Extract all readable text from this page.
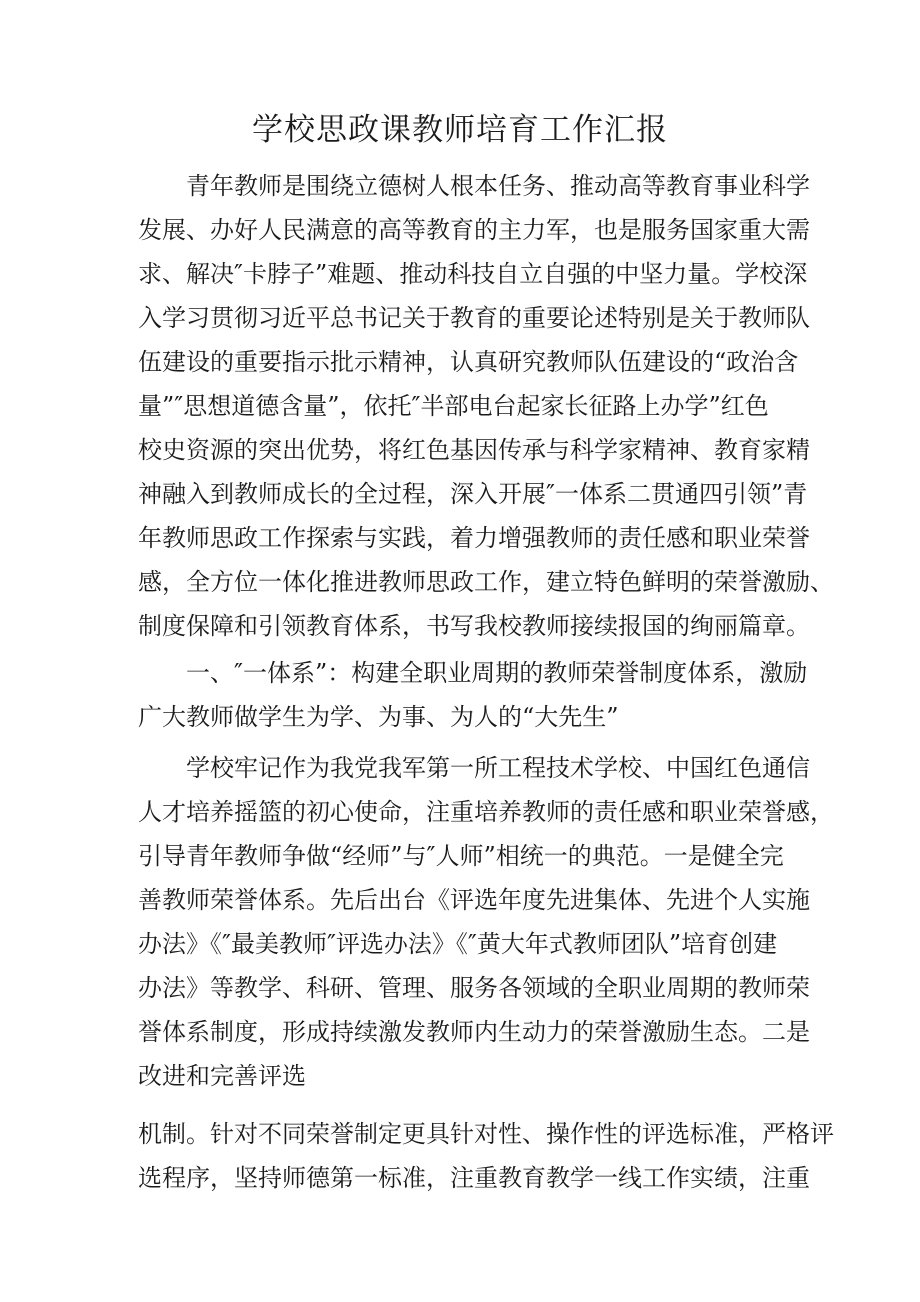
学校思政课教师培育工作汇报
青年教师是围绕立德树人根本任务、推动高等教育事业科学
发展、办好人民满意的高等教育的主力军，也是服务国家重大需
求、解决″卡脖子”难题、推动科技自立自强的中坚力量。学校深
入学习贯彻习近平总书记关于教育的重要论述特别是关于教师队
伍建设的重要指示批示精神，认真研究教师队伍建设的“政治含
量”″思想道德含量”，依托″半部电台起家长征路上办学”红色
校史资源的突出优势，将红色基因传承与科学家精神、教育家精
神融入到教师成长的全过程，深入开展″一体系二贯通四引领”青
年教师思政工作探索与实践，着力增强教师的责任感和职业荣誉
感，全方位一体化推进教师思政工作，建立特色鲜明的荣誉激励、
制度保障和引领教育体系，书写我校教师接续报国的绚丽篇章。
一、″一体系”：构建全职业周期的教师荣誉制度体系，激励
广大教师做学生为学、为事、为人的“大先生”
学校牢记作为我党我军第一所工程技术学校、中国红色通信
人才培养摇篮的初心使命，注重培养教师的责任感和职业荣誉感，
引导青年教师争做“经师”与″人师”相统一的典范。一是健全完
善教师荣誉体系。先后出台《评选年度先进集体、先进个人实施
办法》《″最美教师″评选办法》《″黄大年式教师团队”培育创建
办法》等教学、科研、管理、服务各领域的全职业周期的教师荣
誉体系制度，形成持续激发教师内生动力的荣誉激励生态。二是
改进和完善评选
机制。针对不同荣誉制定更具针对性、操作性的评选标准，严格评
选程序，坚持师德第一标准，注重教育教学一线工作实绩，注重
